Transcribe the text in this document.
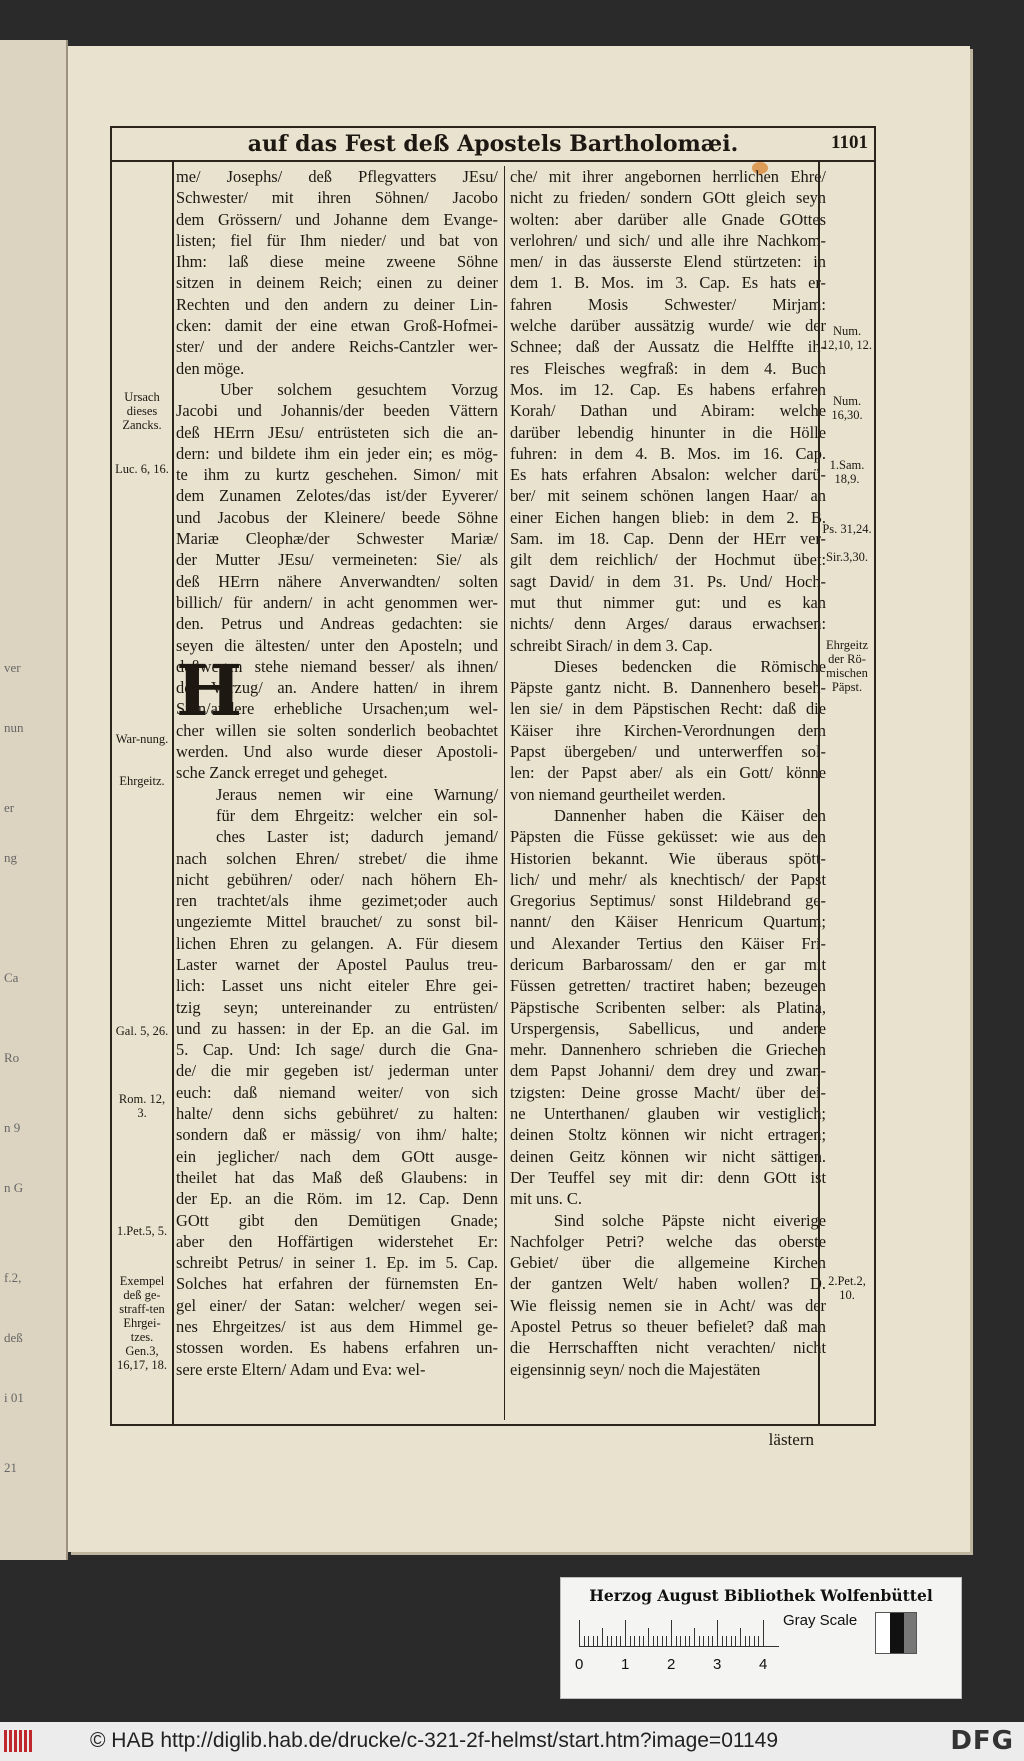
ver
nun
er
ng
Ca
Ro
n 9
n G
f.2,
deß
i 01
21
auf das Fest deß Apostels Bartholomæi.	1101
Ursach dieses Zancks.
Luc. 6, 16.
War-nung.
Ehrgeitz.
Gal. 5, 26.
Rom. 12, 3.
1.Pet.5, 5.
Exempel deß ge-straff-ten Ehrgei-tzes. Gen.3, 16,17, 18.
H
me/ Josephs/ deß Pflegvatters JEsu/
Schwester/ mit ihren Söhnen/ Jacobo
dem Grössern/ und Johanne dem Evange-
listen; fiel für Ihm nieder/ und bat von
Ihm: laß diese meine zweene Söhne
sitzen in deinem Reich; einen zu deiner
Rechten und den andern zu deiner Lin-
cken: damit der eine etwan Groß-Hofmei-
ster/ und der andere Reichs-Cantzler wer-
den möge.
Uber solchem gesuchtem Vorzug
Jacobi und Johannis/der beeden Vättern
deß HErrn JEsu/ entrüsteten sich die an-
dern: und bildete ihm ein jeder ein; es mög-
te ihm zu kurtz geschehen. Simon/ mit
dem Zunamen Zelotes/das ist/der Eyverer/
und Jacobus der Kleinere/ beede Söhne
Mariæ Cleophæ/der Schwester Mariæ/
der Mutter JEsu/ vermeineten: Sie/ als
deß HErrn nähere Anverwandten/ solten
billich/ für andern/ in acht genommen wer-
den. Petrus und Andreas gedachten: sie
seyen die ältesten/ unter den Aposteln; und
deßwegen stehe niemand besser/ als ihnen/
der Vorzug/ an. Andere hatten/ in ihrem
Sinn/andere erhebliche Ursachen;um wel-
cher willen sie solten sonderlich beobachtet
werden. Und also wurde dieser Apostoli-
sche Zanck erreget und geheget.
Jeraus nemen wir eine Warnung/
für dem Ehrgeitz: welcher ein sol-
ches Laster ist; dadurch jemand/
nach solchen Ehren/ strebet/ die ihme
nicht gebühren/ oder/ nach höhern Eh-
ren trachtet/als ihme gezimet;oder auch
ungeziemte Mittel brauchet/ zu sonst bil-
lichen Ehren zu gelangen. A. Für diesem
Laster warnet der Apostel Paulus treu-
lich: Lasset uns nicht eiteler Ehre gei-
tzig seyn; untereinander zu entrüsten/
und zu hassen: in der Ep. an die Gal. im
5. Cap. Und: Ich sage/ durch die Gna-
de/ die mir gegeben ist/ jederman unter
euch: daß niemand weiter/ von sich
halte/ denn sichs gebühret/ zu halten:
sondern daß er mässig/ von ihm/ halte;
ein jeglicher/ nach dem GOtt ausge-
theilet hat das Maß deß Glaubens: in
der Ep. an die Röm. im 12. Cap. Denn
GOtt gibt den Demütigen Gnade;
aber den Hoffärtigen widerstehet Er:
schreibt Petrus/ in seiner 1. Ep. im 5. Cap.
Solches hat erfahren der fürnemsten En-
gel einer/ der Satan: welcher/ wegen sei-
nes Ehrgeitzes/ ist aus dem Himmel ge-
stossen worden. Es habens erfahren un-
sere erste Eltern/ Adam und Eva: wel-
che/ mit ihrer angebornen herrlichen Ehre/
nicht zu frieden/ sondern GOtt gleich seyn
wolten: aber darüber alle Gnade GOttes
verlohren/ und sich/ und alle ihre Nachkom-
men/ in das äusserste Elend stürtzeten: in
dem 1. B. Mos. im 3. Cap. Es hats er-
fahren Mosis Schwester/ Mirjam:
welche darüber aussätzig wurde/ wie der
Schnee; daß der Aussatz die Helffte ih-
res Fleisches wegfraß: in dem 4. Buch
Mos. im 12. Cap. Es habens erfahren
Korah/ Dathan und Abiram: welche
darüber lebendig hinunter in die Hölle
fuhren: in dem 4. B. Mos. im 16. Cap.
Es hats erfahren Absalon: welcher darü-
ber/ mit seinem schönen langen Haar/ an
einer Eichen hangen blieb: in dem 2. B.
Sam. im 18. Cap. Denn der HErr ver-
gilt dem reichlich/ der Hochmut übet:
sagt David/ in dem 31. Ps. Und/ Hoch-
mut thut nimmer gut: und es kan
nichts/ denn Arges/ daraus erwachsen:
schreibt Sirach/ in dem 3. Cap.
Dieses bedencken die Römische
Päpste gantz nicht. B. Dannenhero beseh-
len sie/ in dem Päpstischen Recht: daß die
Käiser ihre Kirchen-Verordnungen dem
Papst übergeben/ und unterwerffen sol-
len: der Papst aber/ als ein Gott/ könne
von niemand geurtheilet werden.
Dannenher haben die Käiser den
Päpsten die Füsse geküsset: wie aus den
Historien bekannt. Wie überaus spött-
lich/ und mehr/ als knechtisch/ der Papst
Gregorius Septimus/ sonst Hildebrand ge-
nannt/ den Käiser Henricum Quartum;
und Alexander Tertius den Käiser Fri-
dericum Barbarossam/ den er gar mit
Füssen getretten/ tractiret haben; bezeugen
Päpstische Scribenten selber: als Platina,
Urspergensis, Sabellicus, und andere
mehr. Dannenhero schrieben die Griechen
dem Papst Johanni/ dem drey und zwan-
tzigsten: Deine grosse Macht/ über dei-
ne Unterthanen/ glauben wir vestiglich;
deinen Stoltz können wir nicht ertragen;
deinen Geitz können wir nicht sättigen.
Der Teuffel sey mit dir: denn GOtt ist
mit uns. C.
Sind solche Päpste nicht eiverige
Nachfolger Petri? welche das oberste
Gebiet/ über die allgemeine Kirchen
der gantzen Welt/ haben wollen? D.
Wie fleissig nemen sie in Acht/ was der
Apostel Petrus so theuer befielet? daß man
die Herrschafften nicht verachten/ nicht
eigensinnig seyn/ noch die Majestäten
Num. 12,10, 12.
Num. 16,30.
1.Sam. 18,9.
Ps. 31,24.
Sir.3,30.
Ehrgeitz der Rö-mischen Päpst.
2.Pet.2, 10.
lästern
Herzog August Bibliothek Wolfenbüttel
0	1	2	3	4
Gray Scale
© HAB http://diglib.hab.de/drucke/c-321-2f-helmst/start.htm?image=01149	DFG
